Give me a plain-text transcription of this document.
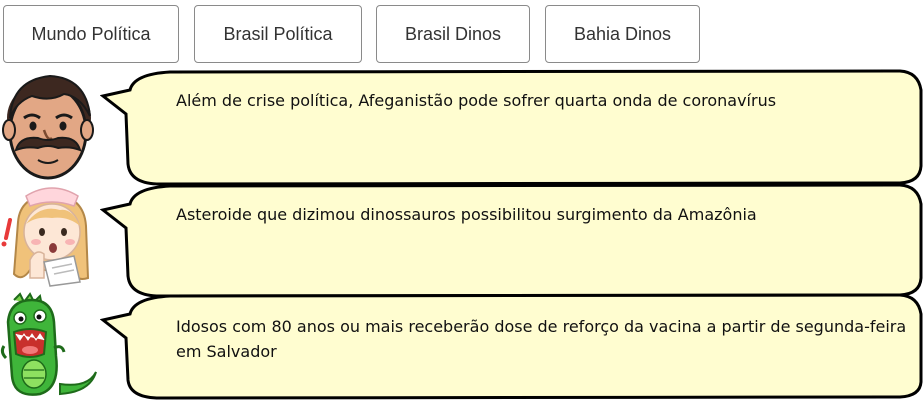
Mundo Política	Brasil Política	Brasil Dinos	Bahia Dinos
Além de crise política, Afeganistão pode sofrer quarta onda de coronavírus
Asteroide que dizimou dinossauros possibilitou surgimento da Amazônia
Idosos com 80 anos ou mais receberão dose de reforço da vacina a partir de segunda-feira em Salvador
